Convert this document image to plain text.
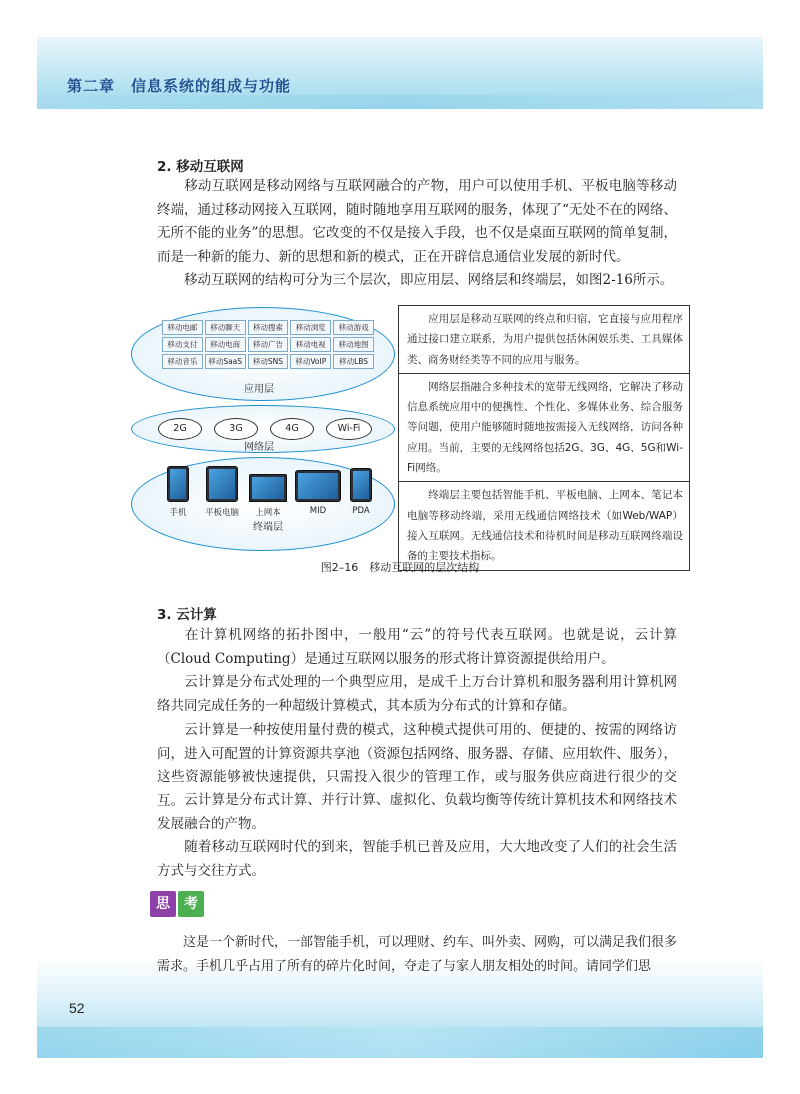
第二章　信息系统的组成与功能
2. 移动互联网
移动互联网是移动网络与互联网融合的产物，用户可以使用手机、平板电脑等移动终端，通过移动网接入互联网，随时随地享用互联网的服务，体现了“无处不在的网络、无所不能的业务”的思想。它改变的不仅是接入手段，也不仅是桌面互联网的简单复制，而是一种新的能力、新的思想和新的模式，正在开辟信息通信业发展的新时代。
移动互联网的结构可分为三个层次，即应用层、网络层和终端层，如图2-16所示。
移动电邮	移动聊天	移动搜索	移动浏览	移动游戏
移动支付	移动电商	移动广告	移动电视	移动地图
移动音乐	移动SaaS	移动SNS	移动VoIP	移动LBS
应用层
2G	3G	4G	Wi-Fi
网络层
手机	平板电脑	上网本
终端层
MID	PDA
应用层是移动互联网的终点和归宿，它直接与应用程序通过接口建立联系，为用户提供包括休闲娱乐类、工具媒体类、商务财经类等不同的应用与服务。
网络层指融合多种技术的宽带无线网络，它解决了移动信息系统应用中的便携性、个性化、多媒体业务、综合服务等问题，使用户能够随时随地按需接入无线网络，访问各种应用。当前，主要的无线网络包括2G、3G、4G、5G和Wi-Fi网络。
终端层主要包括智能手机、平板电脑、上网本、笔记本电脑等移动终端，采用无线通信网络技术（如Web/WAP）接入互联网。无线通信技术和待机时间是移动互联网终端设备的主要技术指标。
图2–16　移动互联网的层次结构
3. 云计算
在计算机网络的拓扑图中，一般用“云”的符号代表互联网。也就是说，云计算（Cloud Computing）是通过互联网以服务的形式将计算资源提供给用户。
云计算是分布式处理的一个典型应用，是成千上万台计算机和服务器利用计算机网络共同完成任务的一种超级计算模式，其本质为分布式的计算和存储。
云计算是一种按使用量付费的模式，这种模式提供可用的、便捷的、按需的网络访问，进入可配置的计算资源共享池（资源包括网络、服务器、存储、应用软件、服务），这些资源能够被快速提供，只需投入很少的管理工作，或与服务供应商进行很少的交互。 云计算是分布式计算、并行计算、虚拟化、负载均衡等传统计算机技术和网络技术发展融合的产物。
随着移动互联网时代的到来，智能手机已普及应用，大大地改变了人们的社会生活方式与交往方式。
思	考
这是一个新时代，一部智能手机，可以理财、约车、叫外卖、网购，可以满足我们很多需求。手机几乎占用了所有的碎片化时间，夺走了与家人朋友相处的时间。请同学们思
52
